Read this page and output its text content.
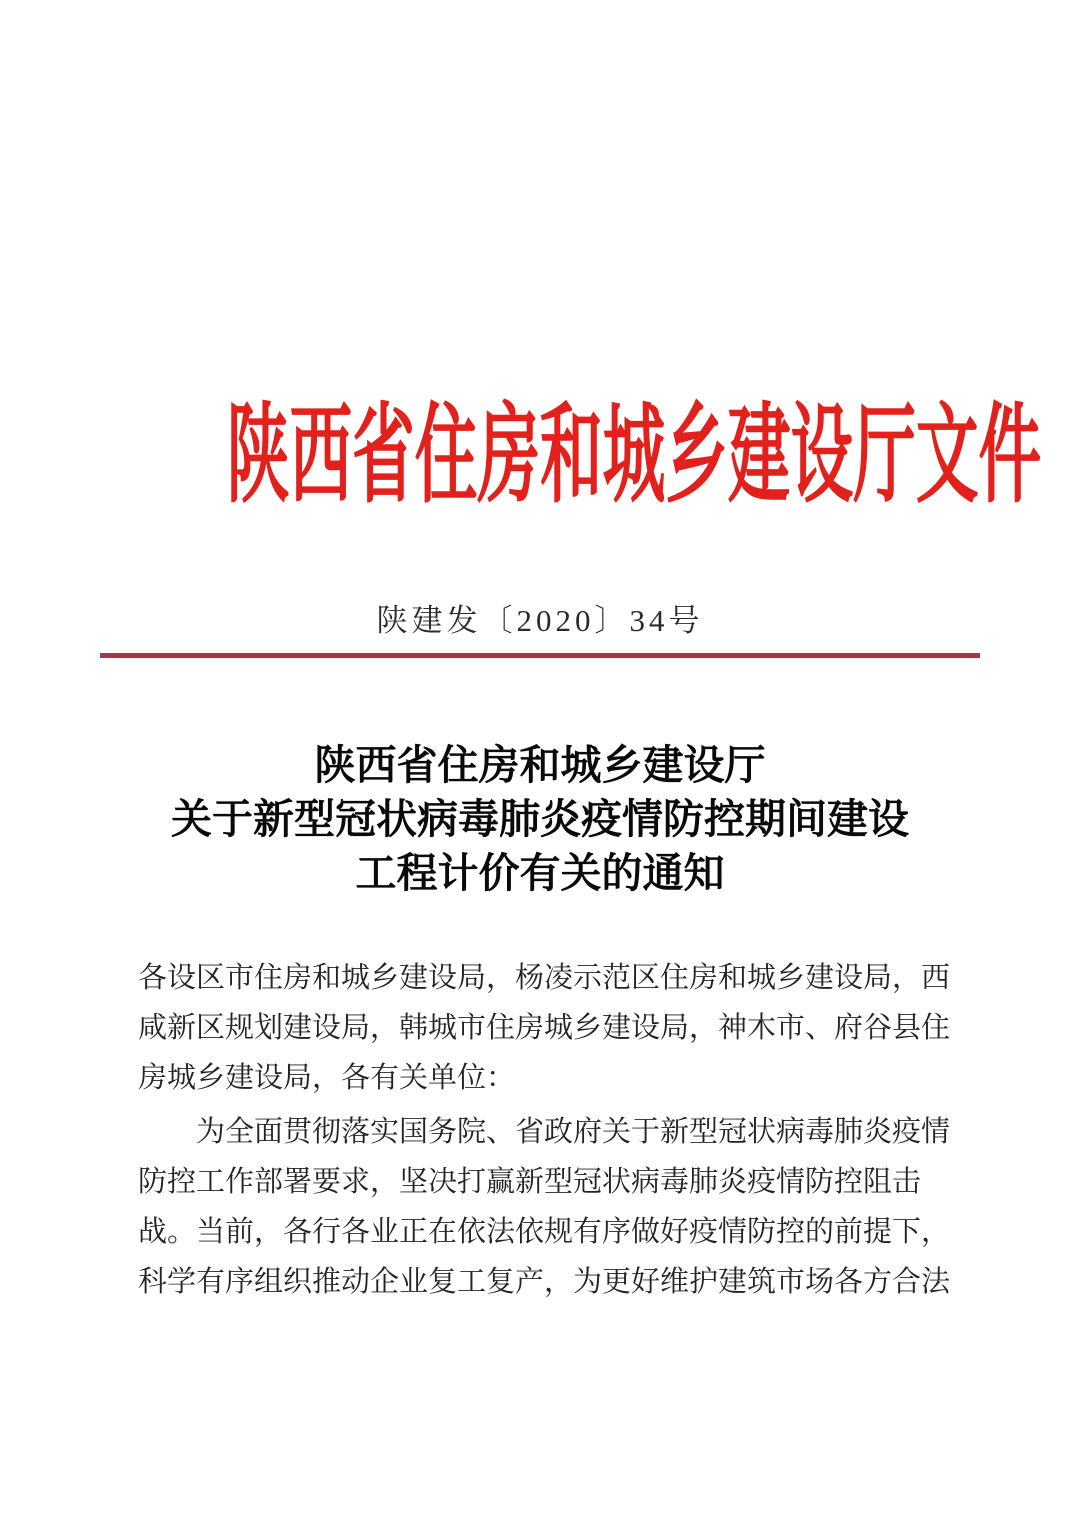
陕西省住房和城乡建设厅文件
陕建发〔2020〕34号
陕西省住房和城乡建设厅
关于新型冠状病毒肺炎疫情防控期间建设
工程计价有关的通知
各设区市住房和城乡建设局，杨凌示范区住房和城乡建设局，西
咸新区规划建设局，韩城市住房城乡建设局，神木市、府谷县住
房城乡建设局，各有关单位：
为全面贯彻落实国务院、省政府关于新型冠状病毒肺炎疫情
防控工作部署要求，坚决打赢新型冠状病毒肺炎疫情防控阻击
战。当前，各行各业正在依法依规有序做好疫情防控的前提下，
科学有序组织推动企业复工复产，为更好维护建筑市场各方合法
